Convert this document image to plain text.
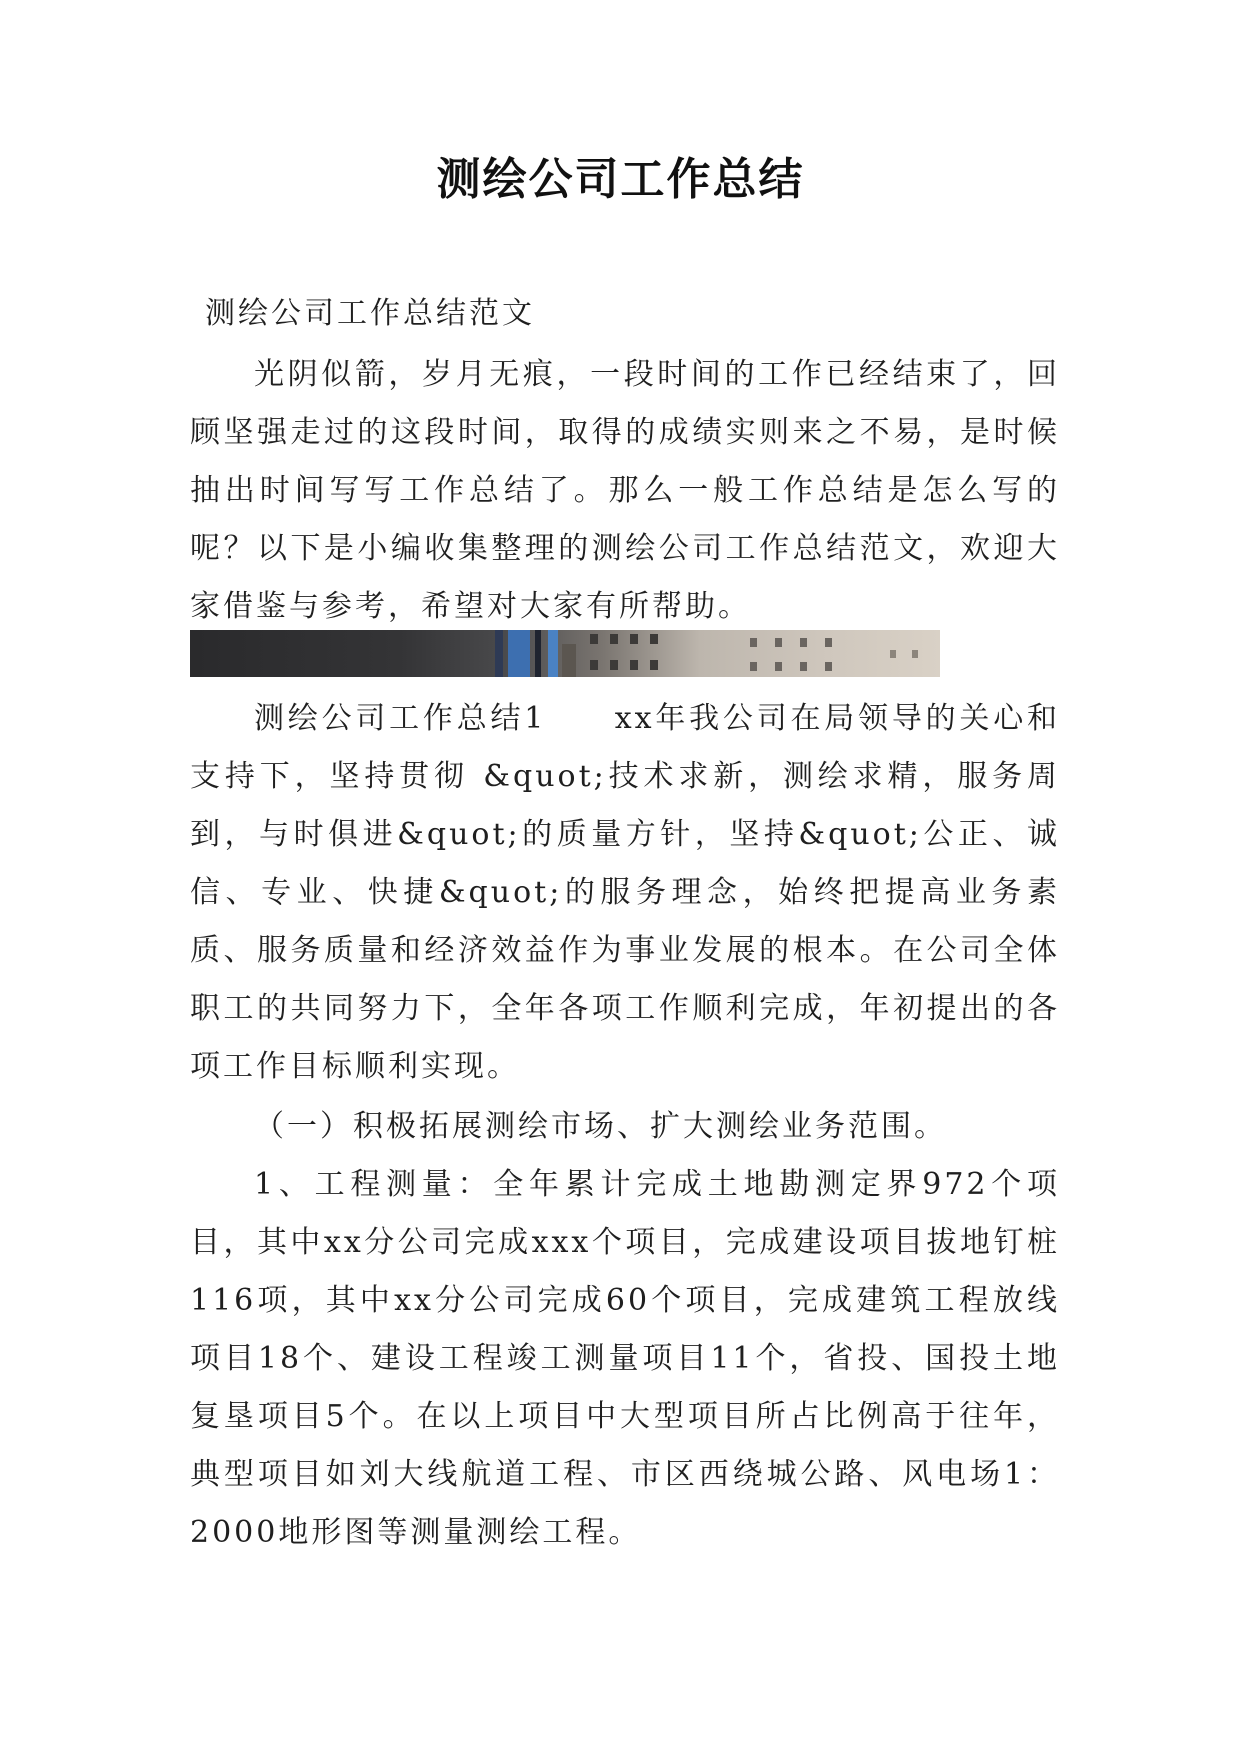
测绘公司工作总结
测绘公司工作总结范文

光阴似箭，岁月无痕，一段时间的工作已经结束了，回顾坚强走过的这段时间，取得的成绩实则来之不易，是时候抽出时间写写工作总结了。那么一般工作总结是怎么写的呢？以下是小编收集整理的测绘公司工作总结范文，欢迎大家借鉴与参考，希望对大家有所帮助。

测绘公司工作总结1　　xx年我公司在局领导的关心和支持下，坚持贯彻 &quot;技术求新，测绘求精，服务周到，与时俱进&quot;的质量方针，坚持&quot;公正、诚信、专业、快捷&quot;的服务理念，始终把提高业务素质、服务质量和经济效益作为事业发展的根本。在公司全体职工的共同努力下，全年各项工作顺利完成，年初提出的各项工作目标顺利实现。

（一）积极拓展测绘市场、扩大测绘业务范围。

1、工程测量：全年累计完成土地勘测定界972个项目，其中xx分公司完成xxx个项目，完成建设项目拔地钉桩116项，其中xx分公司完成60个项目，完成建筑工程放线项目18个、建设工程竣工测量项目11个，省投、国投土地复垦项目5个。在以上项目中大型项目所占比例高于往年，典型项目如刘大线航道工程、市区西绕城公路、风电场1：2000地形图等测量测绘工程。
